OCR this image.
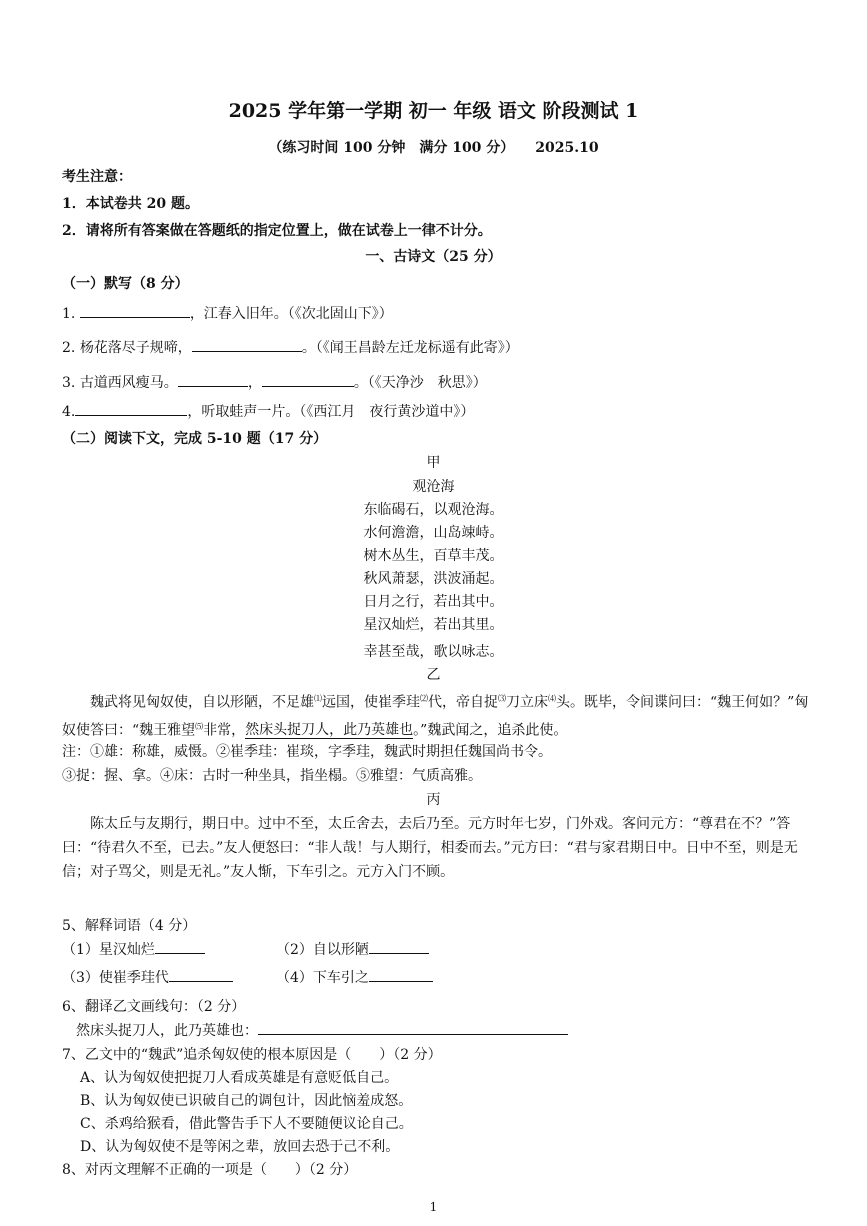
2025 学年第一学期 初一 年级 语文 阶段测试 1
（练习时间 100 分钟　满分 100 分）　　2025.10
考生注意：
1．本试卷共 20 题。
2．请将所有答案做在答题纸的指定位置上，做在试卷上一律不计分。
一、古诗文（25 分）
（一）默写（8 分）
1.	，江春入旧年。（《次北固山下》）
2. 杨花落尽子规啼，	。（《闻王昌龄左迁龙标遥有此寄》）
3. 古道西风瘦马。	，	。（《天净沙　秋思》）
4.	，听取蛙声一片。（《西江月　夜行黄沙道中》）
（二）阅读下文，完成 5-10 题（17 分）
甲
观沧海
东临碣石，以观沧海。
水何澹澹，山岛竦峙。
树木丛生，百草丰茂。
秋风萧瑟，洪波涌起。
日月之行，若出其中。
星汉灿烂，若出其里。
幸甚至哉，歌以咏志。
乙
魏武将见匈奴使，自以形陋，不足雄⑴远国，使崔季珪⑵代，帝自捉⑶刀立床⑷头。既毕，令间谍问曰：“魏王何如？”匈奴使答曰：“魏王雅望⑸非常，然床头捉刀人，此乃英雄也。”魏武闻之，追杀此使。
注：①雄：称雄，威慑。②崔季珪：崔琰，字季珪，魏武时期担任魏国尚书令。
③捉：握、拿。④床：古时一种坐具，指坐榻。⑤雅望：气质高雅。
丙
陈太丘与友期行，期日中。过中不至，太丘舍去，去后乃至。元方时年七岁，门外戏。客问元方：“尊君在不？”答曰：“待君久不至，已去。”友人便怒曰：“非人哉！与人期行，相委而去。”元方曰：“君与家君期日中。日中不至，则是无信；对子骂父，则是无礼。”友人惭，下车引之。元方入门不顾。
5、解释词语（4 分）
（1）星汉灿烂	（2）自以形陋
（3）使崔季珪代	（4）下车引之
6、翻译乙文画线句：（2 分）
然床头捉刀人，此乃英雄也：
7、乙文中的“魏武”追杀匈奴使的根本原因是（　　）（2 分）
A、认为匈奴使把捉刀人看成英雄是有意贬低自己。
B、认为匈奴使已识破自己的调包计，因此恼羞成怒。
C、杀鸡给猴看，借此警告手下人不要随便议论自己。
D、认为匈奴使不是等闲之辈，放回去恐于己不利。
8、对丙文理解不正确的一项是（　　）（2 分）
1
